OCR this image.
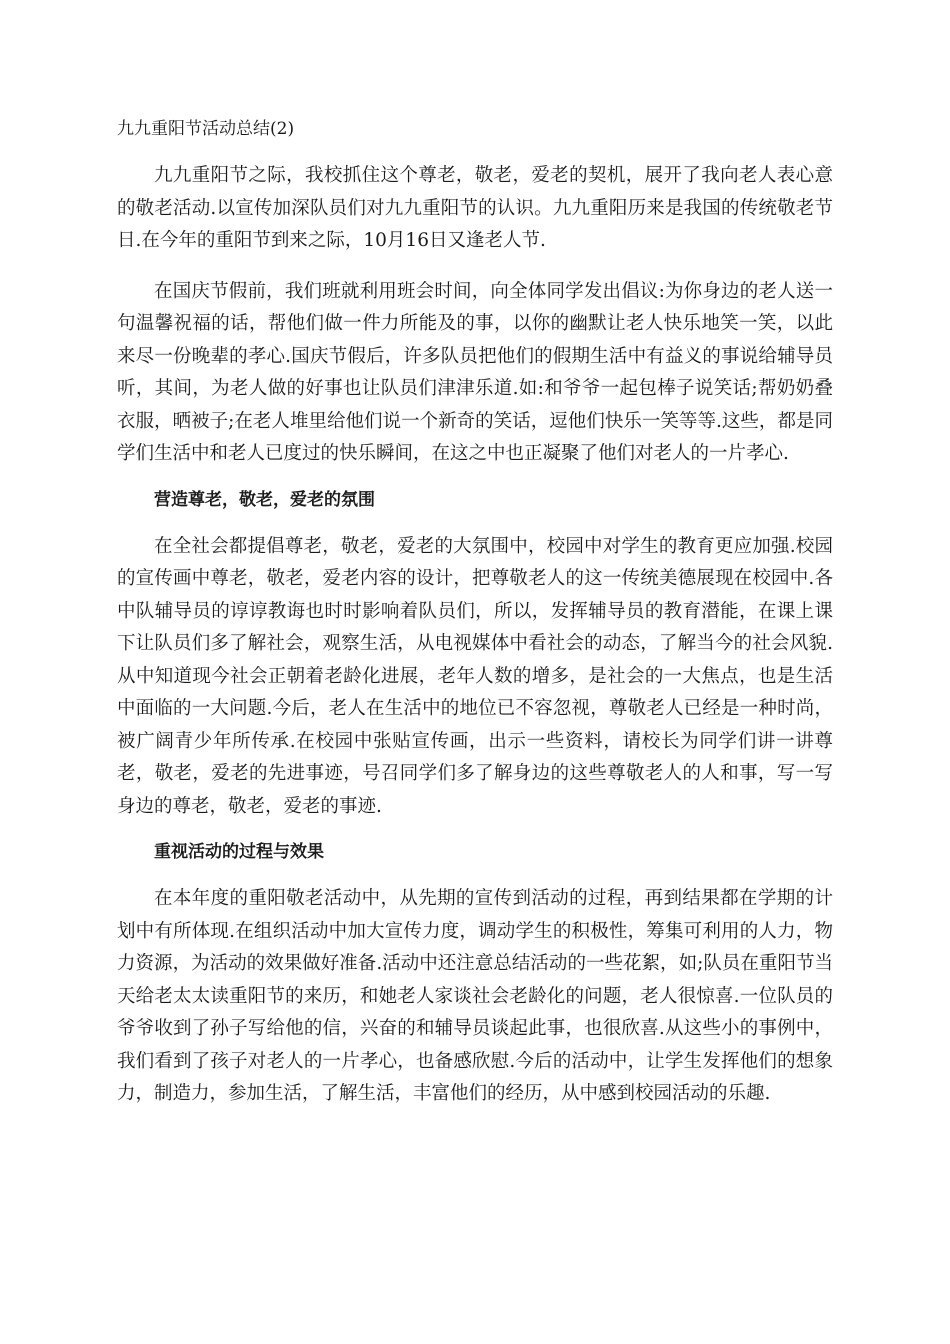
九九重阳节活动总结(2)

九九重阳节之际，我校抓住这个尊老，敬老，爱老的契机，展开了我向老人表心意的敬老活动.以宣传加深队员们对九九重阳节的认识。九九重阳历来是我国的传统敬老节日.在今年的重阳节到来之际，10月16日又逢老人节.

在国庆节假前，我们班就利用班会时间，向全体同学发出倡议:为你身边的老人送一句温馨祝福的话，帮他们做一件力所能及的事，以你的幽默让老人快乐地笑一笑，以此来尽一份晚辈的孝心.国庆节假后，许多队员把他们的假期生活中有益义的事说给辅导员听，其间，为老人做的好事也让队员们津津乐道.如:和爷爷一起包棒子说笑话;帮奶奶叠衣服，晒被子;在老人堆里给他们说一个新奇的笑话，逗他们快乐一笑等等.这些，都是同学们生活中和老人已度过的快乐瞬间，在这之中也正凝聚了他们对老人的一片孝心.

营造尊老，敬老，爱老的氛围

在全社会都提倡尊老，敬老，爱老的大氛围中，校园中对学生的教育更应加强.校园的宣传画中尊老，敬老，爱老内容的设计，把尊敬老人的这一传统美德展现在校园中.各中队辅导员的谆谆教诲也时时影响着队员们，所以，发挥辅导员的教育潜能，在课上课下让队员们多了解社会，观察生活，从电视媒体中看社会的动态，了解当今的社会风貌.从中知道现今社会正朝着老龄化进展，老年人数的增多，是社会的一大焦点，也是生活中面临的一大问题.今后，老人在生活中的地位已不容忽视，尊敬老人已经是一种时尚，被广阔青少年所传承.在校园中张贴宣传画，出示一些资料，请校长为同学们讲一讲尊老，敬老，爱老的先进事迹，号召同学们多了解身边的这些尊敬老人的人和事，写一写身边的尊老，敬老，爱老的事迹.

重视活动的过程与效果

在本年度的重阳敬老活动中，从先期的宣传到活动的过程，再到结果都在学期的计划中有所体现.在组织活动中加大宣传力度，调动学生的积极性，筹集可利用的人力，物力资源，为活动的效果做好准备.活动中还注意总结活动的一些花絮，如;队员在重阳节当天给老太太读重阳节的来历，和她老人家谈社会老龄化的问题，老人很惊喜.一位队员的爷爷收到了孙子写给他的信，兴奋的和辅导员谈起此事，也很欣喜.从这些小的事例中，我们看到了孩子对老人的一片孝心，也备感欣慰.今后的活动中，让学生发挥他们的想象力，制造力，参加生活，了解生活，丰富他们的经历，从中感到校园活动的乐趣.
